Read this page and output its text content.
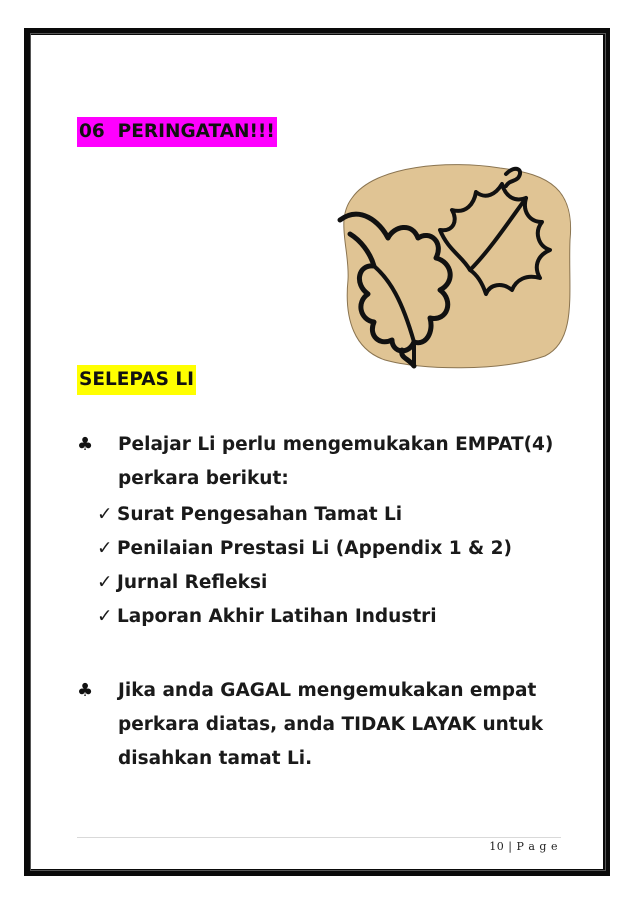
06 PERINGATAN!!!
SELEPAS LI
♣ Pelajar Li perlu mengemukakan EMPAT(4)
perkara berikut:
✓ Surat Pengesahan Tamat Li
✓ Penilaian Prestasi Li (Appendix 1 & 2)
✓ Jurnal Refleksi
✓ Laporan Akhir Latihan Industri
♣ Jika anda GAGAL mengemukakan empat
perkara diatas, anda TIDAK LAYAK untuk
disahkan tamat Li.
10 | P a g e
